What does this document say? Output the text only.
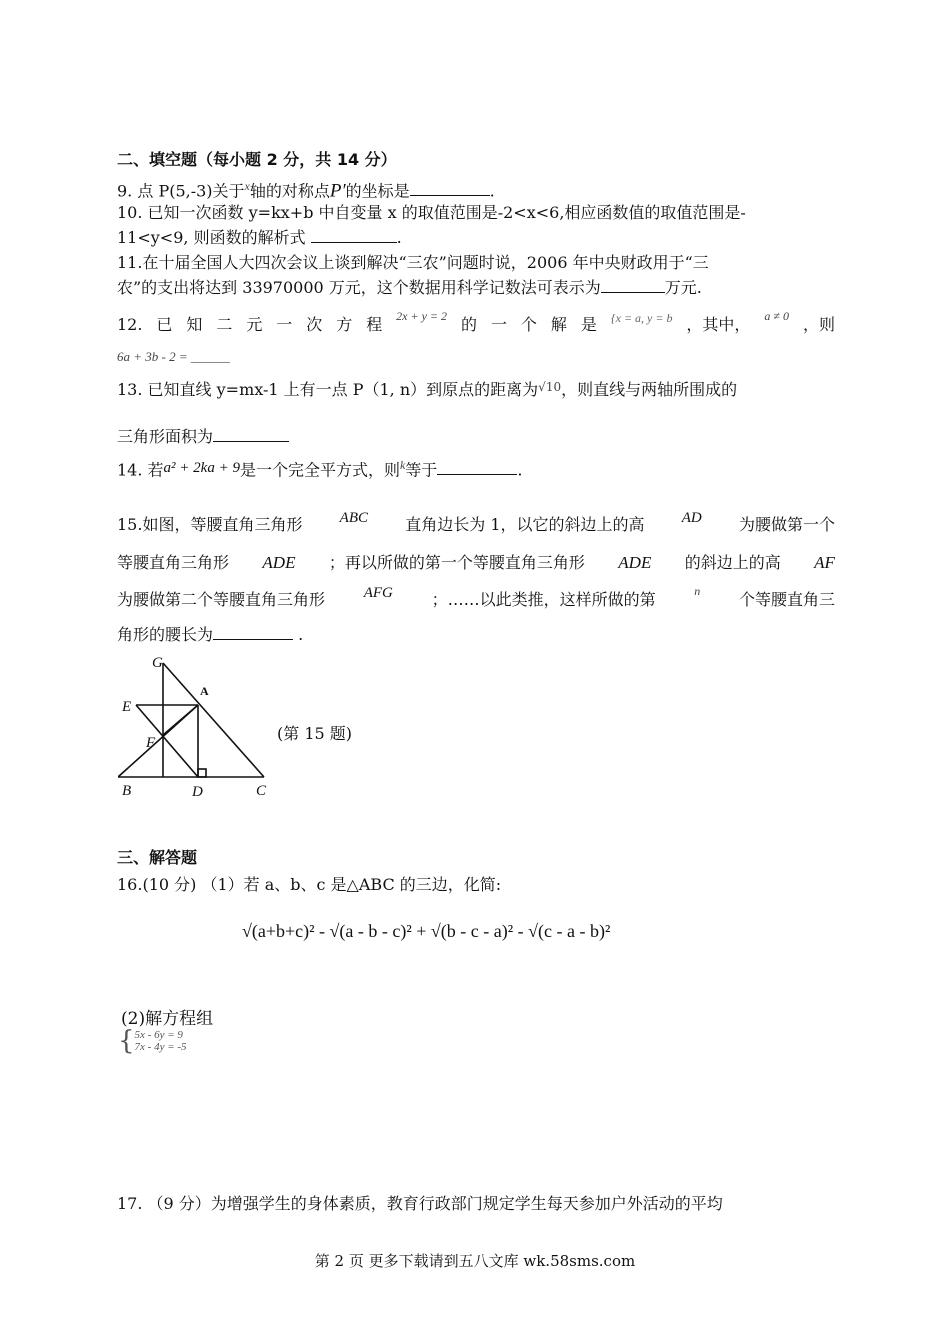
二、填空题（每小题 2 分，共 14 分）
9. 点 P(5,-3)关于$^x$轴的对称点P′的坐标是	.
10. 已知一次函数 y=kx+b 中自变量 x 的取值范围是-2<x<6,相应函数值的取值范围是-
11<y<9, 则函数的解析式	.
11.在十届全国人大四次会议上谈到解决“三农”问题时说，2006 年中央财政用于“三
农”的支出将达到 33970000 万元，这个数据用科学记数法可表示为	万元.
12. 已 知 二 元 一 次 方 程 2x + y = 2 的 一 个 解 是 {x = a, y = b ，其中， a ≠ 0 ，则
6a + 3b - 2 = ______
13. 已知直线 y=mx-1 上有一点 P（1, n）到原点的距离为$^{√10}$，则直线与两轴所围成的
三角形面积为
14. 若a² + 2ka + 9是一个完全平方式，则$^k$等于	.
15.如图，等腰直角三角形 ABC 直角边长为 1，以它的斜边上的高 AD 为腰做第一个
等腰直角三角形 ADE ；再以所做的第一个等腰直角三角形 ADE 的斜边上的高 AF
为腰做第二个等腰直角三角形	AFG ；……以此类推，这样所做的第	n 个等腰直角三
角形的腰长为	.
G
A
E
F
B	D	C
(第 15 题)
三、解答题
16.(10 分) （1）若 a、b、c 是△ABC 的三边，化简:
√(a+b+c)² - √(a - b - c)² + √(b - c - a)² - √(c - a - b)²
(2)解方程组
{ 5x - 6y = 9
7x - 4y = -5
17. （9 分）为增强学生的身体素质，教育行政部门规定学生每天参加户外活动的平均
第 2 页 更多下载请到五八文库 wk.58sms.com
